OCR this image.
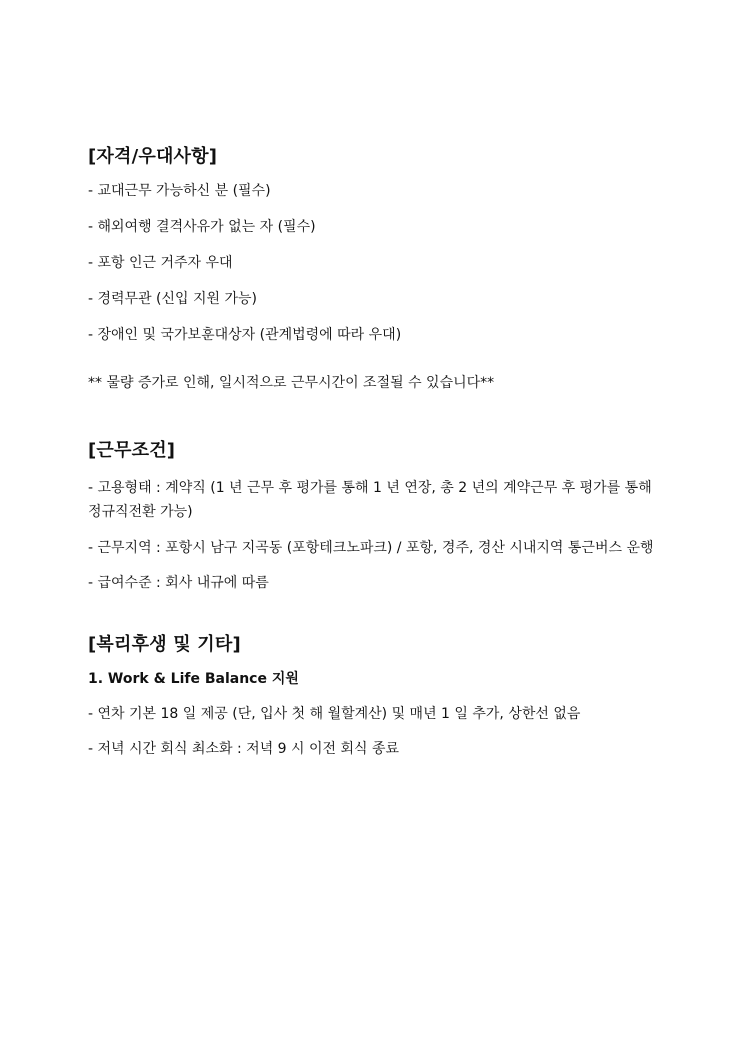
[자격/우대사항]
- 교대근무 가능하신 분 (필수)
- 해외여행 결격사유가 없는 자 (필수)
- 포항 인근 거주자 우대
- 경력무관 (신입 지원 가능)
- 장애인 및 국가보훈대상자 (관계법령에 따라 우대)

** 물량 증가로 인해, 일시적으로 근무시간이 조절될 수 있습니다**

[근무조건]
- 고용형태 : 계약직 (1 년 근무 후 평가를 통해 1 년 연장, 총 2 년의 계약근무 후 평가를 통해 정규직전환 가능)
- 근무지역 : 포항시 남구 지곡동 (포항테크노파크) / 포항, 경주, 경산 시내지역 통근버스 운행
- 급여수준 : 회사 내규에 따름
[복리후생 및 기타]
1. Work & Life Balance 지원
- 연차 기본 18 일 제공 (단, 입사 첫 해 월할계산) 및 매년 1 일 추가, 상한선 없음
- 저녁 시간 회식 최소화 : 저녁 9 시 이전 회식 종료
